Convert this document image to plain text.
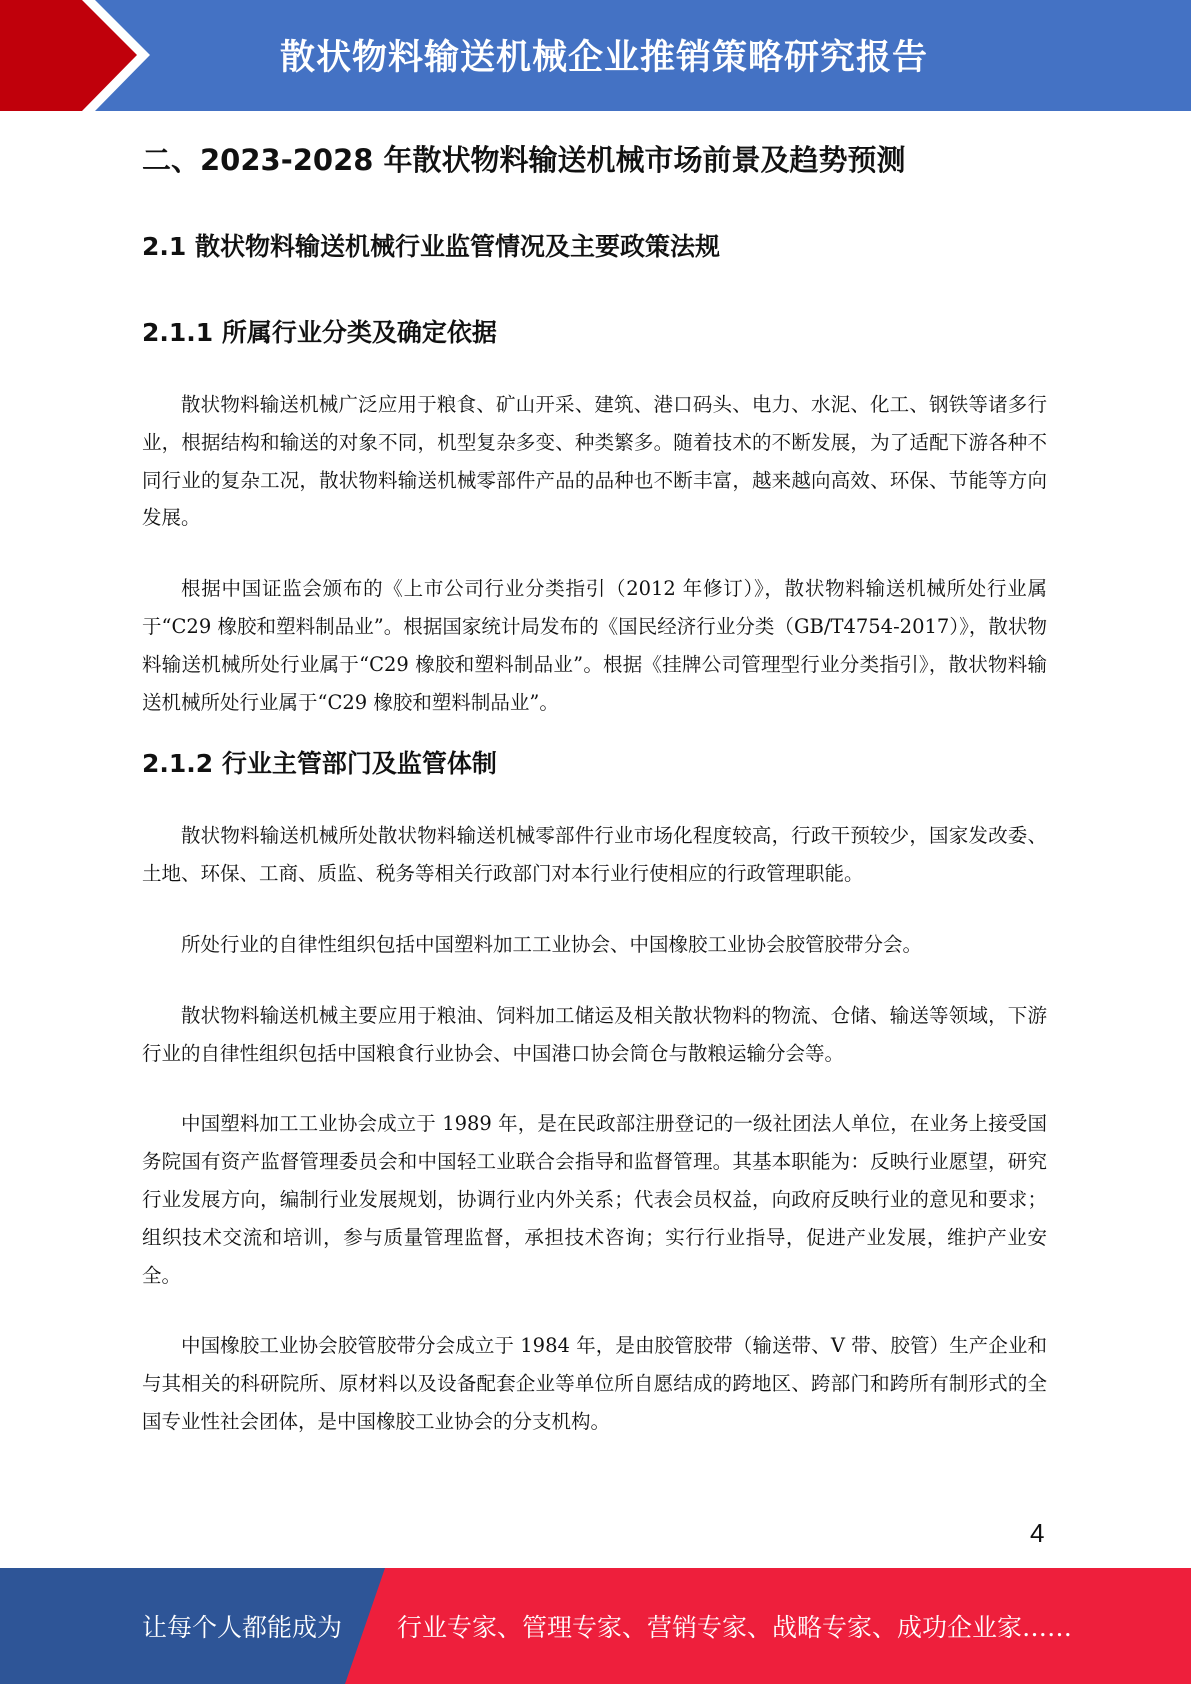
散状物料输送机械企业推销策略研究报告
二、2023-2028 年散状物料输送机械市场前景及趋势预测
2.1 散状物料输送机械行业监管情况及主要政策法规
2.1.1 所属行业分类及确定依据

散状物料输送机械广泛应用于粮食、矿山开采、建筑、港口码头、电力、水泥、化工、钢铁等诸多行业，根据结构和输送的对象不同，机型复杂多变、种类繁多。随着技术的不断发展，为了适配下游各种不同行业的复杂工况，散状物料输送机械零部件产品的品种也不断丰富，越来越向高效、环保、节能等方向发展。

根据中国证监会颁布的《上市公司行业分类指引（2012 年修订）》，散状物料输送机械所处行业属于“C29 橡胶和塑料制品业”。根据国家统计局发布的《国民经济行业分类（GB/T4754-2017）》，散状物料输送机械所处行业属于“C29 橡胶和塑料制品业”。根据《挂牌公司管理型行业分类指引》，散状物料输送机械所处行业属于“C29 橡胶和塑料制品业”。

2.1.2 行业主管部门及监管体制

散状物料输送机械所处散状物料输送机械零部件行业市场化程度较高，行政干预较少，国家发改委、土地、环保、工商、质监、税务等相关行政部门对本行业行使相应的行政管理职能。

所处行业的自律性组织包括中国塑料加工工业协会、中国橡胶工业协会胶管胶带分会。

散状物料输送机械主要应用于粮油、饲料加工储运及相关散状物料的物流、仓储、输送等领域，下游行业的自律性组织包括中国粮食行业协会、中国港口协会筒仓与散粮运输分会等。

中国塑料加工工业协会成立于 1989 年，是在民政部注册登记的一级社团法人单位，在业务上接受国务院国有资产监督管理委员会和中国轻工业联合会指导和监督管理。其基本职能为：反映行业愿望，研究行业发展方向，编制行业发展规划，协调行业内外关系；代表会员权益，向政府反映行业的意见和要求；组织技术交流和培训，参与质量管理监督，承担技术咨询；实行行业指导，促进产业发展，维护产业安全。

中国橡胶工业协会胶管胶带分会成立于 1984 年，是由胶管胶带（输送带、V 带、胶管）生产企业和与其相关的科研院所、原材料以及设备配套企业等单位所自愿结成的跨地区、跨部门和跨所有制形式的全国专业性社会团体，是中国橡胶工业协会的分支机构。

4
让每个人都能成为 行业专家、管理专家、营销专家、战略专家、成功企业家……
